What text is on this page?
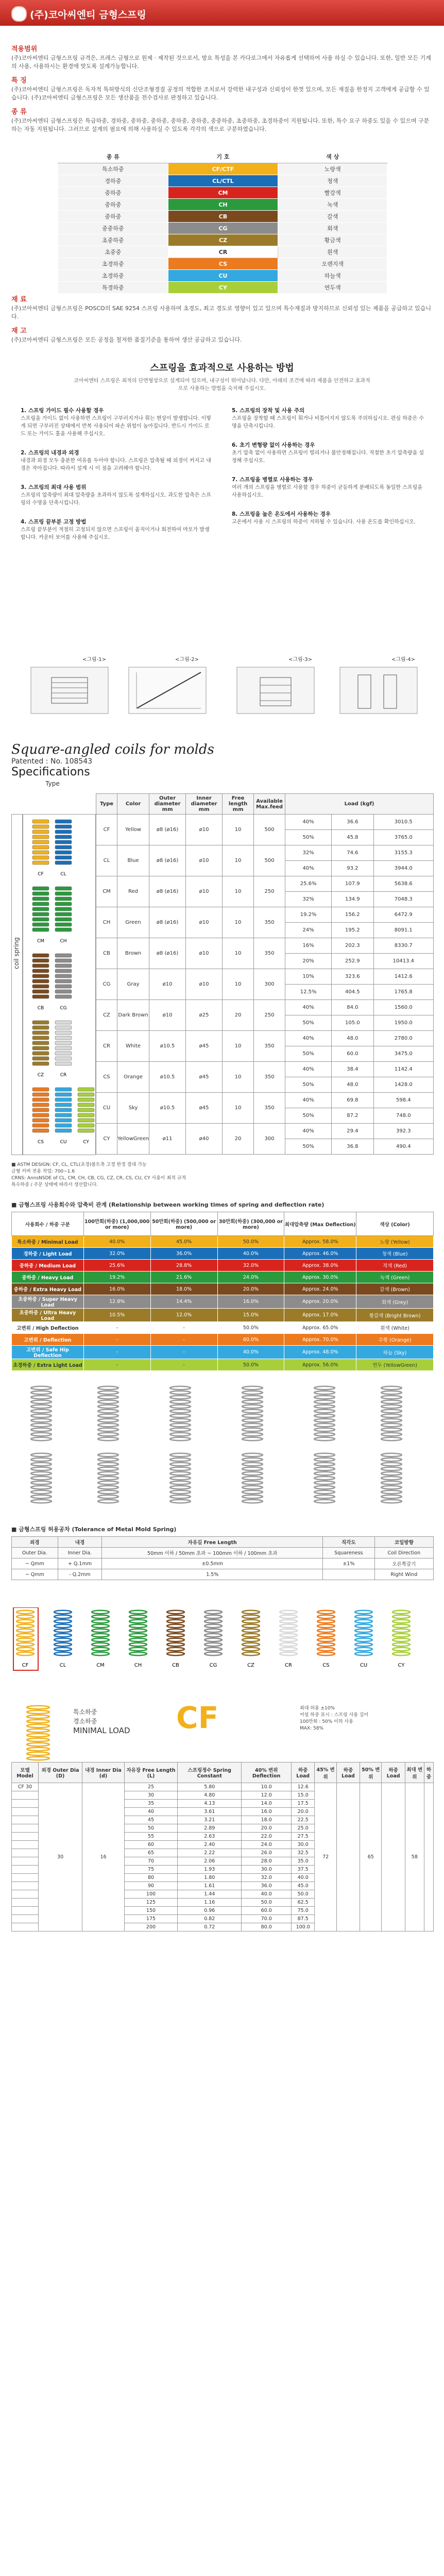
(주)코아씨엔티 금형스프링
적용범위

(주)코아씨엔티 금형스프링 규격은, 프레스 금형으로 원제 · 제작된 것으로서, 방요 특성을 본 카다로그에서 자유롭게 선택하여 사용 하실 수 있습니다. 또한, 일반 모든 기계의 사용, 사용하시는 환경에 맞도록 설계가능합니다.

특 징

(주)코아씨엔티 금형스프링은 독자적 특허방식의 신단조형경질 공정의 적합한 조치로서 강력한 내구성과 신뢰성이 한껏 있으며, 모든 재질을 한정지 고객에게 공급할 수 있습니다. (주)코아씨엔티 금형스프링은 모든 생산품을 전수검사로 판정하고 있습니다.

종 류

(주)코아씨엔티 금형스프링은 특급하중, 경하중, 중하중, 중하중, 중하중, 중하중, 중중하중, 초중하중, 초경하중이 지원됩니다. 또한, 특수 요구 하중도 있을 수 있으며 구분하는 자동 지원됩니다. 그러므로 설계의 필요에 의해 사용하실 수 있도록 각각의 색으로 구분하였습니다.

종 류	기 호	색 상
특소하중	CF/CTF	노랑색
경하중	CL/CTL	청색
중하중	CM	빨강색
중하중	CH	녹색
중하중	CB	갈색
중중하중	CG	회색
초중하중	CZ	황금색
초중중	CR	흰색
초경하중	CS	오렌지색
초경하중	CU	하늘색
특경하중	CY	연두색
재 료

(주)코아씨엔티 금형스프링은 POSCO의 SAE 9254 스프링 사용하며 초경도, 최고 경도로 영향이 있고 있으며 특수재질과 방지하므로 신뢰성 있는 제품을 공급하고 있습니다.

재 고

(주)코아씨엔티 금형스프링은 모든 공정을 철저한 품질기준을 통하여 생산 공급하고 있습니다.

스프링을 효과적으로 사용하는 방법
코아씨엔티 스프링은 최적의 단면형상으로 설계되어 있으며, 내구성이 뛰어납니다. 다만, 아래의 조건에 따라 제품을 안전하고 효과적으로 사용하는 방법을 숙지해 주십시오.
1. 스프링 가이드 필수 사용할 경우
스프링을 가이드 없이 사용하면 스프링이 구부러지거나 휘는 현상이 발생합니다. 이렇게 되면 구부러진 상태에서 반복 사용되어 파손 위험이 높아집니다. 반드시 가이드 로드 또는 가이드 홀을 사용해 주십시오.
2. 스프링의 내경과 외경
내경과 외경 모두 충분한 여유를 두어야 합니다. 스프링은 압축될 때 외경이 커지고 내경은 작아집니다. 따라서 설계 시 이 점을 고려해야 합니다.
3. 스프링의 최대 사용 범위
스프링의 압축량이 최대 압축량을 초과하지 않도록 설계하십시오. 과도한 압축은 스프링의 수명을 단축시킵니다.
4. 스프링 끝부분 고정 방법
스프링 끝부분이 적절히 고정되지 않으면 스프링이 움직이거나 회전하여 마모가 발생합니다. 카운터 보어를 사용해 주십시오.
5. 스프링의 장착 및 사용 주의
스프링을 장착할 때 스프링이 휘거나 비틀어지지 않도록 주의하십시오. 편심 하중은 수명을 단축시킵니다.
6. 초기 변형량 없이 사용하는 경우
초기 압축 없이 사용하면 스프링이 떨리거나 불안정해집니다. 적절한 초기 압축량을 설정해 주십시오.
7. 스프링을 병렬로 사용하는 경우
여러 개의 스프링을 병렬로 사용할 경우 하중이 균등하게 분배되도록 동일한 스프링을 사용하십시오.
8. 스프링을 높은 온도에서 사용하는 경우
고온에서 사용 시 스프링의 하중이 저하될 수 있습니다. 사용 온도를 확인하십시오.
<그림-1>	<그림-2>	<그림-3>	<그림-4>
Square-angled coils for molds
Patented : No. 108543
Specifications
coil spring
CF	CL
CM	CH
CB	CG
CZ	CR
CS	CU	CY
Type	Color	Outer diameter mm	Inner diameter mm	Free length mm	Available Max.feed	Load (kgf)		
CF	Yellow	ø8 (ø16)	ø10	10	500	40%	36.6	3010.5
						50%	45.8	3765.0
CL	Blue	ø8 (ø16)	ø10	10	500	32%	74.6	3155.3
						40%	93.2	3944.0
CM	Red	ø8 (ø16)	ø10	10	250	25.6%	107.9	5638.6
						32%	134.9	7048.3
CH	Green	ø8 (ø16)	ø10	10	350	19.2%	156.2	6472.9
						24%	195.2	8091.1
CB	Brown	ø8 (ø16)	ø10	10	350	16%	202.3	8330.7
						20%	252.9	10413.4
CG	Gray	ø10	ø10	10	300	10%	323.6	1412.6
						12.5%	404.5	1765.8
CZ	Dark Brown	ø10	ø25	20	250	40%	84.0	1560.0
						50%	105.0	1950.0
CR	White	ø10.5	ø45	10	350	40%	48.0	2780.0
						50%	60.0	3475.0
CS	Orange	ø10.5	ø45	10	350	40%	38.4	1142.4
						50%	48.0	1428.0
CU	Sky	ø10.5	ø45	10	350	40%	69.8	598.4
						50%	87.2	748.0
CY	YellowGreen	ø11	ø40	20	300	40%	29.4	392.3
						50%	36.8	490.4
Type
■ ASTM DESIGN: CF, CL, CTL(초경)볼트축 고정 한정 절대 가능
금형 커버 전용 작업: 700~1.6
CRNS: AnnsNSDE of CL, CM, CH, CB, CG, CZ, CR, CS, CU, CY 사용이 최적 규격
특수하중 / 주문 상태에 따라서 생산합니다.
■ 금형스프링 사용회수와 압축비 관계 (Relationship between working times of spring and deflection rate)
사용회수 / 하중 구분	100만회(하중) (1,000,000 or more)	50만회(하중) (500,000 or more)	30만회(하중) (300,000 or more)	최대압축량 (Max Deflection)	색상 (Color)
특소하중 / Minimal Load	40.0%	45.0%	50.0%	Approx. 58.0%	노랑 (Yellow)
경하중 / Light Load	32.0%	36.0%	40.0%	Approx. 46.0%	청색 (Blue)
중하중 / Medium Load	25.6%	28.8%	32.0%	Approx. 38.0%	적색 (Red)
중하중 / Heavy Load	19.2%	21.6%	24.0%	Approx. 30.0%	녹색 (Green)
중하중 / Extra Heavy Load	16.0%	18.0%	20.0%	Approx. 24.0%	갈색 (Brown)
초중하중 / Super Heavy Load	12.8%	14.4%	16.0%	Approx. 20.0%	회색 (Grey)
초중하중 / Ultra Heavy Load	10.5%	12.0%	15.0%	Approx. 17.0%	황갈색 (Bright Brown)
고변위 / High Deflection	-	-	50.0%	Approx. 65.0%	흰색 (White)
고변위 / Deflection	-	-	60.0%	Approx. 70.0%	주황 (Orange)
고변위 / Safe Hip Deflection	-	-	40.0%	Approx. 48.0%	하늘 (Sky)
초경하중 / Extra Light Load	-	-	50.0%	Approx. 56.0%	연두 (YellowGreen)
■ 금형스프링 허용공차 (Tolerance of Metal Mold Spring)
외경	내경	자유길 Free Length	직각도	코일방향
Outer Dia.	Inner Dia.	50mm 이하 / 50mm 초과 ~ 100mm 이하 / 100mm 초과	Squareness	Coil Direction
~ Qmm	+ Q.1mm	±0.5mm	±1%	오른쪽감기
~ Qmm	- Q.2mm	1.5%		Right Wind
CF	CL	CM	CH	CB	CG	CZ	CR	CS	CU	CY
특소하중
경소하중
MINIMAL LOAD CF	최대 허용 ±10%
어설 하중 표시 : 스프링 사용 길이
100만회 : 50% 이하 사용
MAX: 58%
모델 Model	외경 Outer Dia (D)	내경 Inner Dia (d)	자유장 Free Length (L)	스프링정수 Spring Constant	40% 변위 Deflection	하중 Load	45% 변위	하중 Load	50% 변위	하중 Load	최대 변위	하중
CF 30	30	16	25	5.80	10.0	12.6	72		65		58	
			30	4.80	12.0	15.0						
			35	4.13	14.0	17.5						
			40	3.61	16.0	20.0						
			45	3.21	18.0	22.5						
			50	2.89	20.0	25.0						
			55	2.63	22.0	27.5						
			60	2.40	24.0	30.0						
			65	2.22	26.0	32.5						
			70	2.06	28.0	35.0						
			75	1.93	30.0	37.5						
			80	1.80	32.0	40.0						
			90	1.61	36.0	45.0						
			100	1.44	40.0	50.0						
			125	1.16	50.0	62.5						
			150	0.96	60.0	75.0						
			175	0.82	70.0	87.5						
			200	0.72	80.0	100.0						
